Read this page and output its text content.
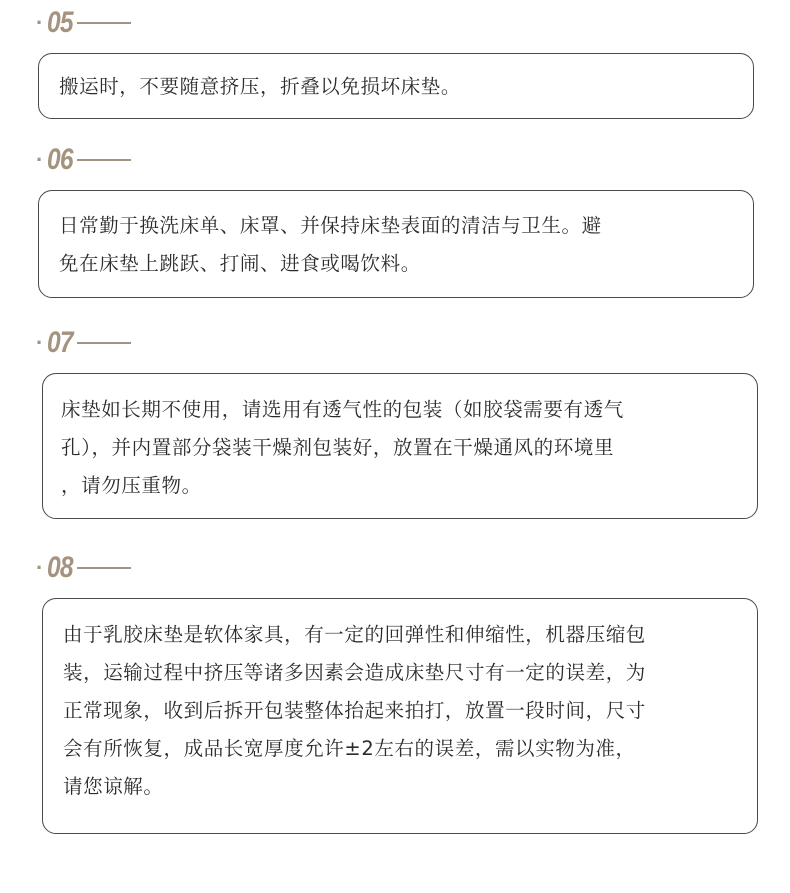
· 05

搬运时，不要随意挤压，折叠以免损坏床垫。

· 06

日常勤于换洗床单、床罩、并保持床垫表面的清洁与卫生。避
免在床垫上跳跃、打闹、进食或喝饮料。

· 07

床垫如长期不使用，请选用有透气性的包装（如胶袋需要有透气
孔），并内置部分袋装干燥剂包装好，放置在干燥通风的环境里
，请勿压重物。

· 08

由于乳胶床垫是软体家具，有一定的回弹性和伸缩性，机器压缩包
装，运输过程中挤压等诸多因素会造成床垫尺寸有一定的误差，为
正常现象，收到后拆开包装整体抬起来拍打，放置一段时间，尺寸
会有所恢复，成品长宽厚度允许±2左右的误差，需以实物为准，
请您谅解。
